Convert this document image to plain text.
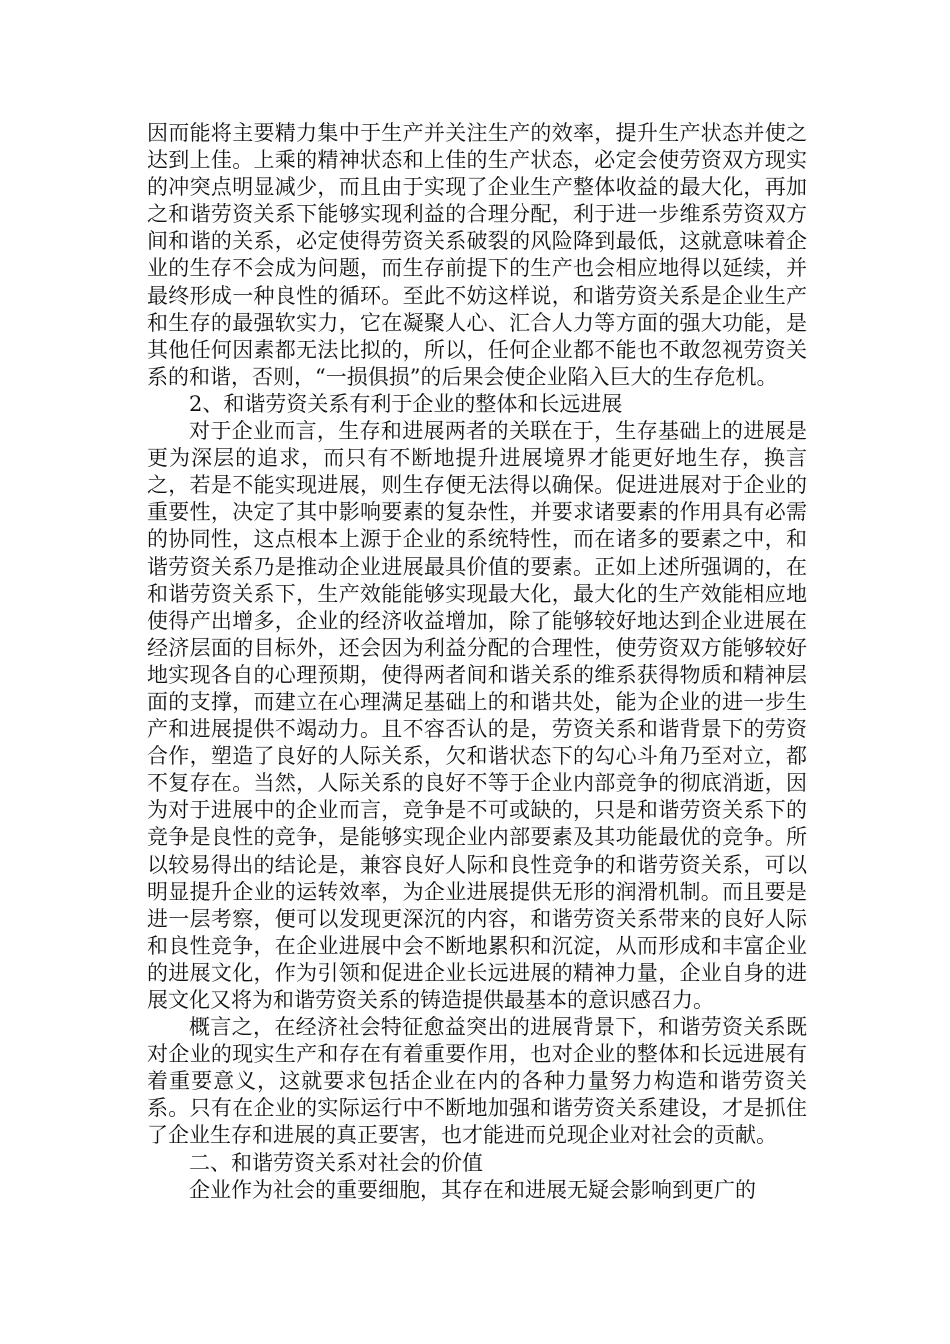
因而能将主要精力集中于生产并关注生产的效率，提升生产状态并使之达到上佳。上乘的精神状态和上佳的生产状态，必定会使劳资双方现实的冲突点明显减少，而且由于实现了企业生产整体收益的最大化，再加之和谐劳资关系下能够实现利益的合理分配，利于进一步维系劳资双方间和谐的关系，必定使得劳资关系破裂的风险降到最低，这就意味着企业的生存不会成为问题，而生存前提下的生产也会相应地得以延续，并最终形成一种良性的循环。至此不妨这样说，和谐劳资关系是企业生产和生存的最强软实力，它在凝聚人心、汇合人力等方面的强大功能，是其他任何因素都无法比拟的，所以，任何企业都不能也不敢忽视劳资关系的和谐，否则，“一损俱损”的后果会使企业陷入巨大的生存危机。

2、和谐劳资关系有利于企业的整体和长远进展

对于企业而言，生存和进展两者的关联在于，生存基础上的进展是更为深层的追求，而只有不断地提升进展境界才能更好地生存，换言之，若是不能实现进展，则生存便无法得以确保。促进进展对于企业的重要性，决定了其中影响要素的复杂性，并要求诸要素的作用具有必需的协同性，这点根本上源于企业的系统特性，而在诸多的要素之中，和谐劳资关系乃是推动企业进展最具价值的要素。正如上述所强调的，在和谐劳资关系下，生产效能能够实现最大化，最大化的生产效能相应地使得产出增多，企业的经济收益增加，除了能够较好地达到企业进展在经济层面的目标外，还会因为利益分配的合理性，使劳资双方能够较好地实现各自的心理预期，使得两者间和谐关系的维系获得物质和精神层面的支撑，而建立在心理满足基础上的和谐共处，能为企业的进一步生产和进展提供不竭动力。且不容否认的是，劳资关系和谐背景下的劳资合作，塑造了良好的人际关系，欠和谐状态下的勾心斗角乃至对立，都不复存在。当然，人际关系的良好不等于企业内部竞争的彻底消逝，因为对于进展中的企业而言，竞争是不可或缺的，只是和谐劳资关系下的竞争是良性的竞争，是能够实现企业内部要素及其功能最优的竞争。所以较易得出的结论是，兼容良好人际和良性竞争的和谐劳资关系，可以明显提升企业的运转效率，为企业进展提供无形的润滑机制。而且要是进一层考察，便可以发现更深沉的内容，和谐劳资关系带来的良好人际和良性竞争，在企业进展中会不断地累积和沉淀，从而形成和丰富企业的进展文化，作为引领和促进企业长远进展的精神力量，企业自身的进展文化又将为和谐劳资关系的铸造提供最基本的意识感召力。

概言之，在经济社会特征愈益突出的进展背景下，和谐劳资关系既对企业的现实生产和存在有着重要作用，也对企业的整体和长远进展有着重要意义，这就要求包括企业在内的各种力量努力构造和谐劳资关系。只有在企业的实际运行中不断地加强和谐劳资关系建设，才是抓住了企业生存和进展的真正要害，也才能进而兑现企业对社会的贡献。

二、和谐劳资关系对社会的价值

企业作为社会的重要细胞，其存在和进展无疑会影响到更广的
